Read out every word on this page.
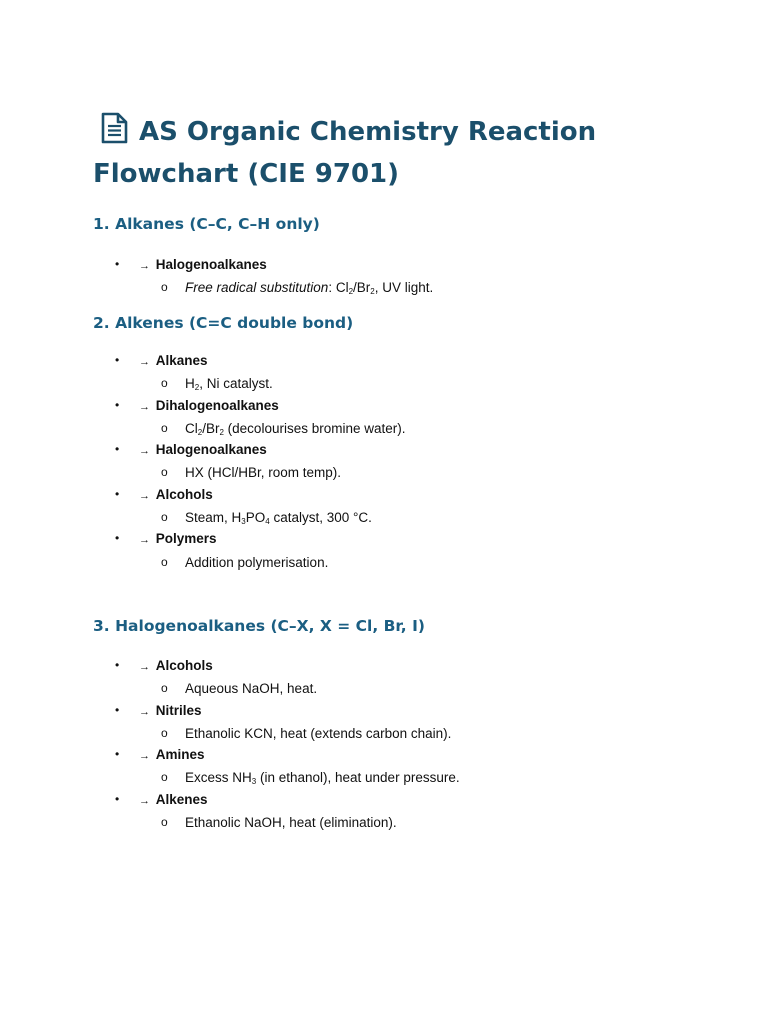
AS Organic Chemistry Reaction Flowchart (CIE 9701)
1. Alkanes (C–C, C–H only)
• → Halogenoalkanes
o Free radical substitution: $Cl_2/Br_2$, UV light.
2. Alkenes (C=C double bond)
• → Alkanes
o $H_2$, Ni catalyst.
• → Dihalogenoalkanes
o $Cl_2/Br_2$ (decolourises bromine water).
• → Halogenoalkanes
o HX (HCl/HBr, room temp).
• → Alcohols
o Steam, $H_3PO_4$ catalyst, 300 °C.
• → Polymers
o Addition polymerisation.
3. Halogenoalkanes (C–X, X = Cl, Br, I)
• → Alcohols
o Aqueous NaOH, heat.
• → Nitriles
o Ethanolic KCN, heat (extends carbon chain).
• → Amines
o Excess $NH_3$ (in ethanol), heat under pressure.
• → Alkenes
o Ethanolic NaOH, heat (elimination).
